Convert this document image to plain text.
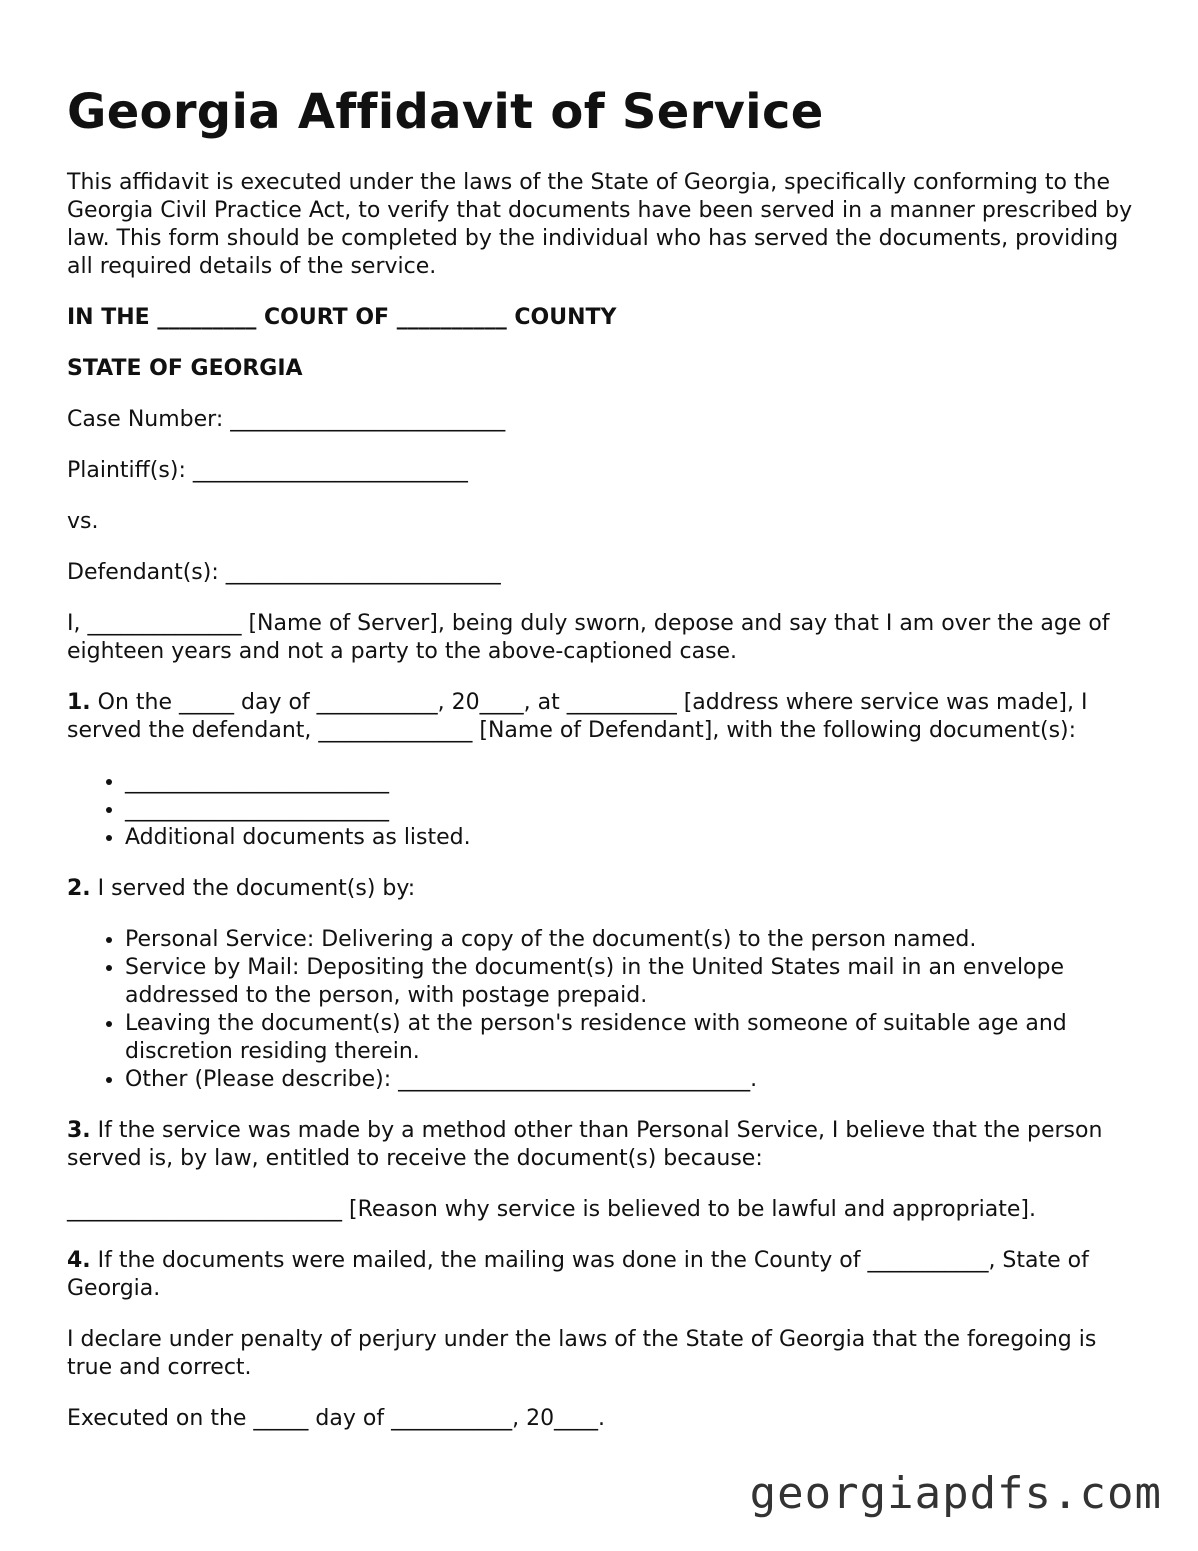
Georgia Affidavit of Service

This affidavit is executed under the laws of the State of Georgia, specifically conforming to the Georgia Civil Practice Act, to verify that documents have been served in a manner prescribed by law. This form should be completed by the individual who has served the documents, providing all required details of the service.

IN THE _________ COURT OF __________ COUNTY

STATE OF GEORGIA

Case Number: _________________________

Plaintiff(s): _________________________

vs.

Defendant(s): _________________________

I, ______________ [Name of Server], being duly sworn, depose and say that I am over the age of eighteen years and not a party to the above-captioned case.

1. On the _____ day of ___________, 20____, at __________ [address where service was made], I served the defendant, ______________ [Name of Defendant], with the following document(s):

• ________________________
• ________________________
• Additional documents as listed.

2. I served the document(s) by:

• Personal Service: Delivering a copy of the document(s) to the person named.
• Service by Mail: Depositing the document(s) in the United States mail in an envelope addressed to the person, with postage prepaid.
• Leaving the document(s) at the person's residence with someone of suitable age and discretion residing therein.
• Other (Please describe): ________________________________.

3. If the service was made by a method other than Personal Service, I believe that the person served is, by law, entitled to receive the document(s) because:

_________________________ [Reason why service is believed to be lawful and appropriate].

4. If the documents were mailed, the mailing was done in the County of ___________, State of Georgia.

I declare under penalty of perjury under the laws of the State of Georgia that the foregoing is true and correct.

Executed on the _____ day of ___________, 20____.

georgiapdfs.com
